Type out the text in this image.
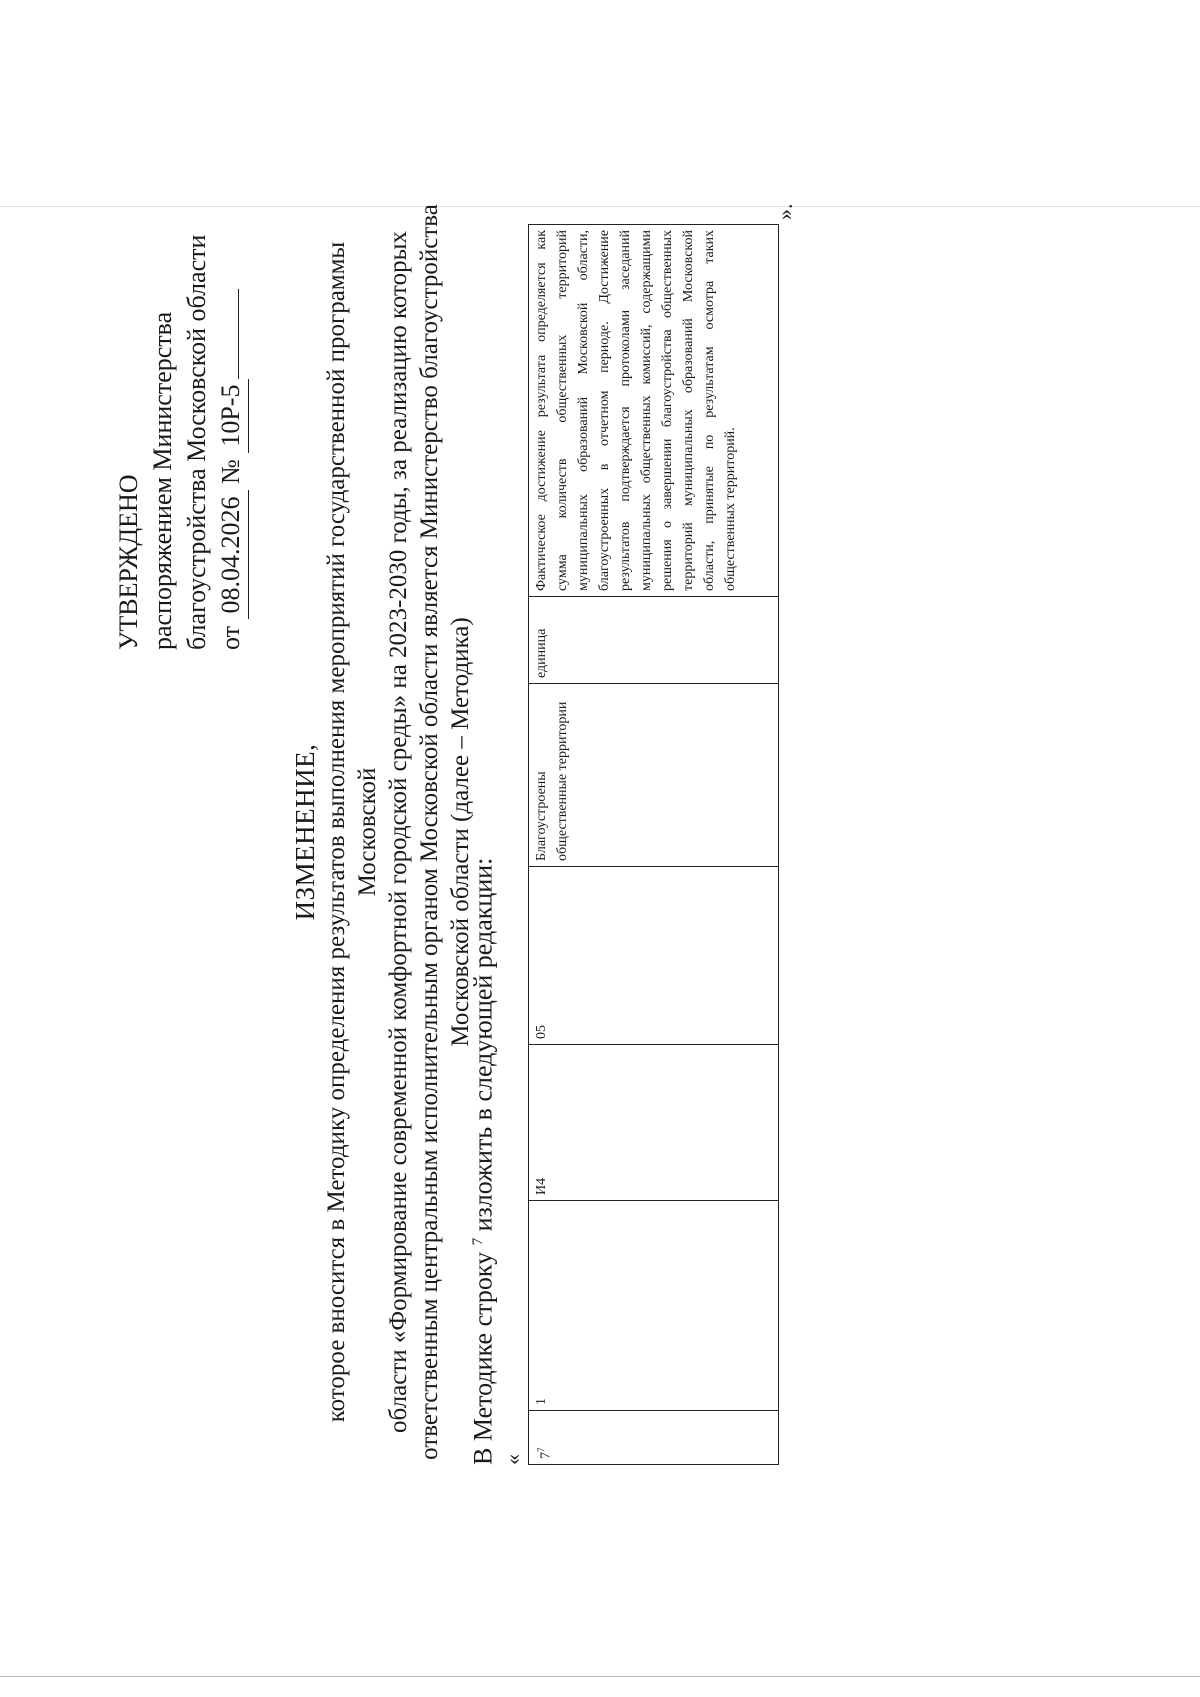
УТВЕРЖДЕНО распоряжением Министерства благоустройства Московской области от 08.04.2026 № 10Р-5
ИЗМЕНЕНИЕ, которое вносится в Методику определения результатов выполнения мероприятий государственной программы Московской области «Формирование современной комфортной городской среды» на 2023-2030 годы, за реализацию которых ответственным центральным исполнительным органом Московской области является Министерство благоустройства Московской области (далее – Методика)
В Методике строку $^7$ изложить в следующей редакции:
« $7^7$	1	И4	05	Благоустроены общественные территории	единица	Фактическое достижение результата определяется как сумма количеств общественных территорий муниципальных образований Московской области, благоустроенных в отчетном периоде. Достижение результатов подтверждается протоколами заседаний муниципальных общественных комиссий, содержащими решения о завершении благоустройства общественных территорий муниципальных образований Московской области, принятые по результатам осмотра таких общественных территорий.
».
